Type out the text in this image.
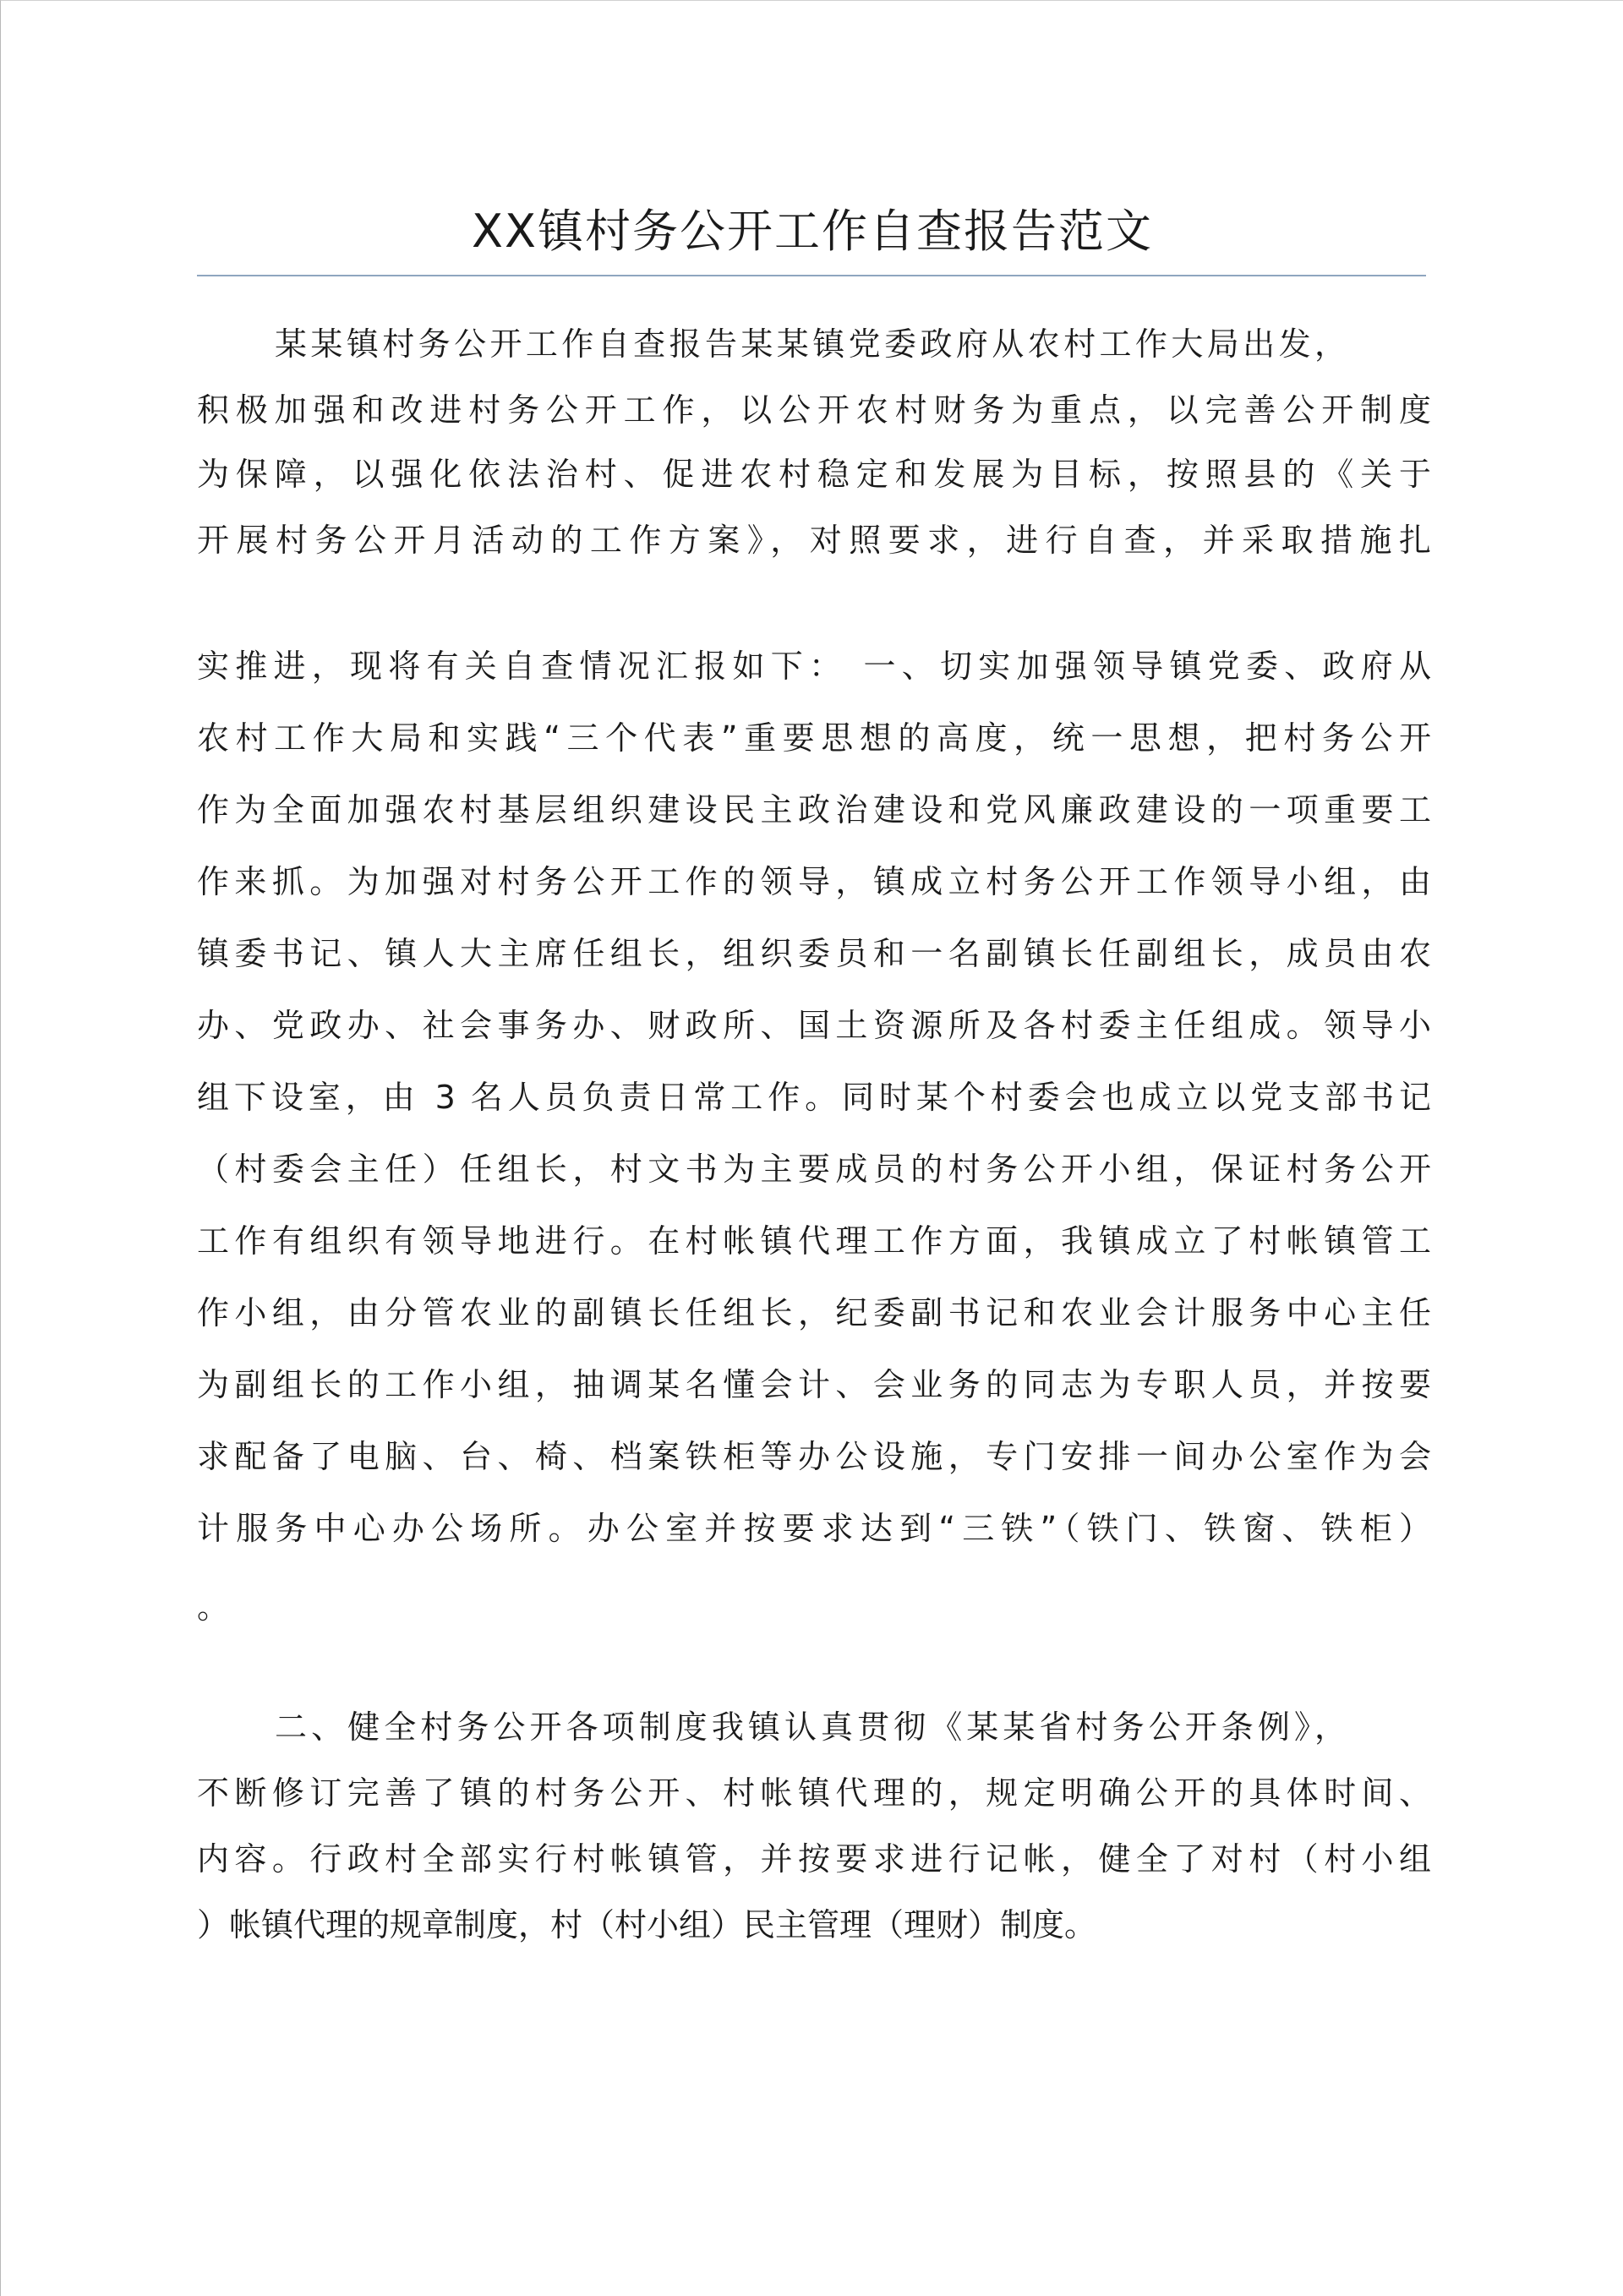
XX镇村务公开工作自查报告范文
某某镇村务公开工作自查报告某某镇党委政府从农村工作大局出发，
积极加强和改进村务公开工作，以公开农村财务为重点，以完善公开制度
为保障，以强化依法治村、促进农村稳定和发展为目标，按照县的《关于
开展村务公开月活动的工作方案》，对照要求，进行自查，并采取措施扎
实推进，现将有关自查情况汇报如下： 一、切实加强领导镇党委、政府从
农村工作大局和实践“三个代表”重要思想的高度，统一思想，把村务公开
作为全面加强农村基层组织建设民主政治建设和党风廉政建设的一项重要工
作来抓。为加强对村务公开工作的领导，镇成立村务公开工作领导小组，由
镇委书记、镇人大主席任组长，组织委员和一名副镇长任副组长，成员由农
办、党政办、社会事务办、财政所、国土资源所及各村委主任组成。领导小
组下设室，由 3 名人员负责日常工作。同时某个村委会也成立以党支部书记
（村委会主任）任组长，村文书为主要成员的村务公开小组，保证村务公开
工作有组织有领导地进行。在村帐镇代理工作方面，我镇成立了村帐镇管工
作小组，由分管农业的副镇长任组长，纪委副书记和农业会计服务中心主任
为副组长的工作小组，抽调某名懂会计、会业务的同志为专职人员，并按要
求配备了电脑、台、椅、档案铁柜等办公设施，专门安排一间办公室作为会
计服务中心办公场所。办公室并按要求达到“三铁”（铁门、铁窗、铁柜）
。
二、健全村务公开各项制度我镇认真贯彻《某某省村务公开条例》，
不断修订完善了镇的村务公开、村帐镇代理的，规定明确公开的具体时间、
内容。行政村全部实行村帐镇管，并按要求进行记帐，健全了对村（村小组
）帐镇代理的规章制度，村（村小组）民主管理（理财）制度。
